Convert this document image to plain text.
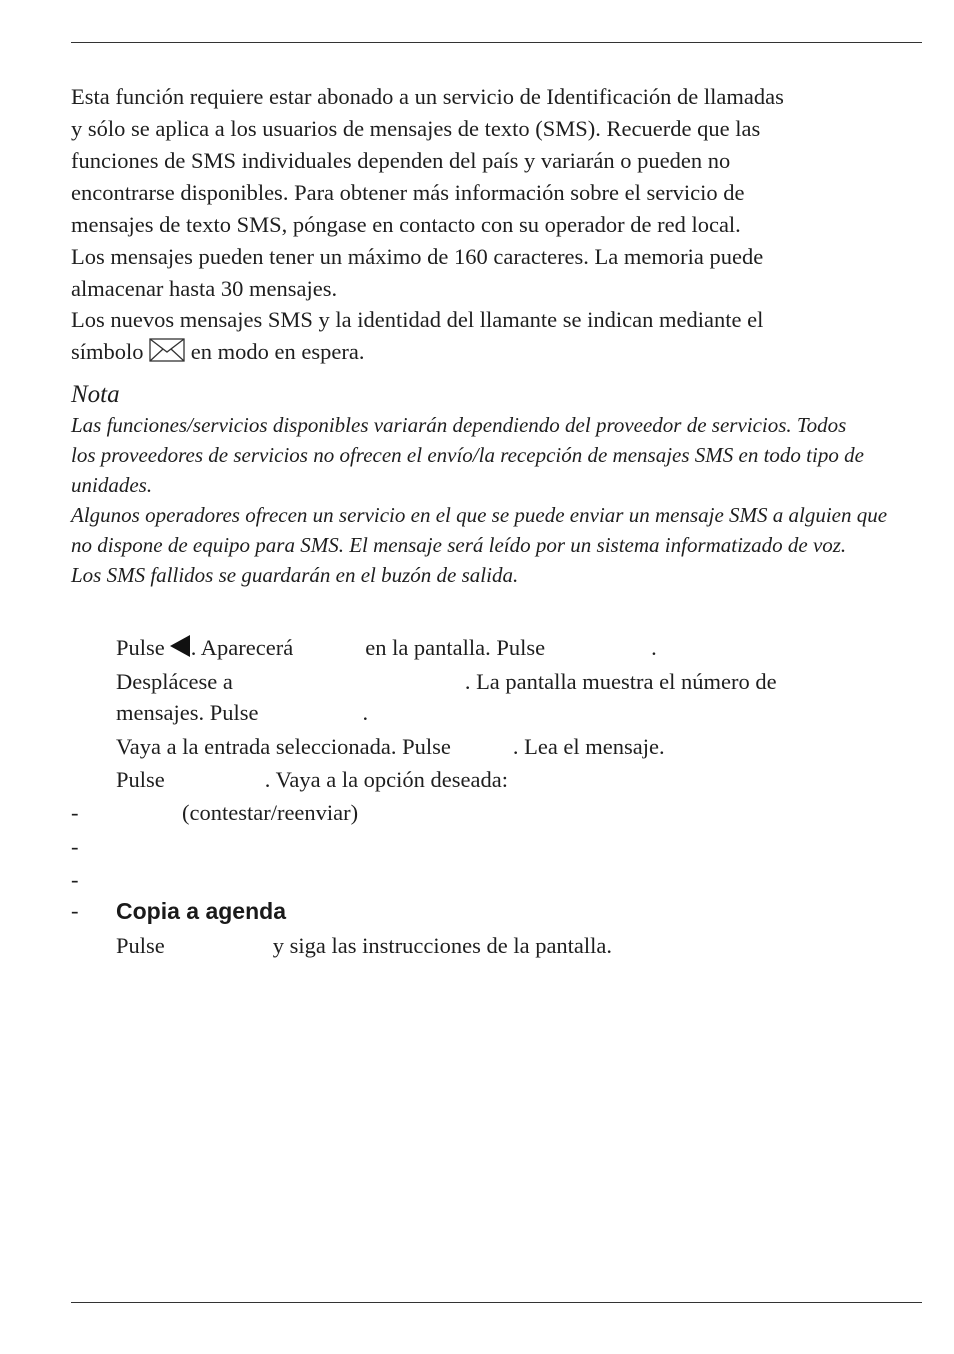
Esta función requiere estar abonado a un servicio de Identificación de llamadas
y sólo se aplica a los usuarios de mensajes de texto (SMS). Recuerde que las
funciones de SMS individuales dependen del país y variarán o pueden no
encontrarse disponibles. Para obtener más información sobre el servicio de
mensajes de texto SMS, póngase en contacto con su operador de red local.
Los mensajes pueden tener un máximo de 160 caracteres. La memoria puede
almacenar hasta 30 mensajes.
Los nuevos mensajes SMS y la identidad del llamante se indican mediante el
símbolo en modo en espera.
Nota
Las funciones/servicios disponibles variarán dependiendo del proveedor de servicios. Todos
los proveedores de servicios no ofrecen el envío/la recepción de mensajes SMS en todo tipo de
unidades.
Algunos operadores ofrecen un servicio en el que se puede enviar un mensaje SMS a alguien que
no dispone de equipo para SMS. El mensaje será leído por un sistema informatizado de voz.
Los SMS fallidos se guardarán en el buzón de salida.
Pulse . Aparecerá	en la pantalla. Pulse	.
Desplácese a	. La pantalla muestra el número de
mensajes. Pulse	.
Vaya a la entrada seleccionada. Pulse	. Lea el mensaje.
Pulse	. Vaya a la opción deseada:
-	(contestar/reenviar)
-
-
- Copia a agenda
Pulse	y siga las instrucciones de la pantalla.
